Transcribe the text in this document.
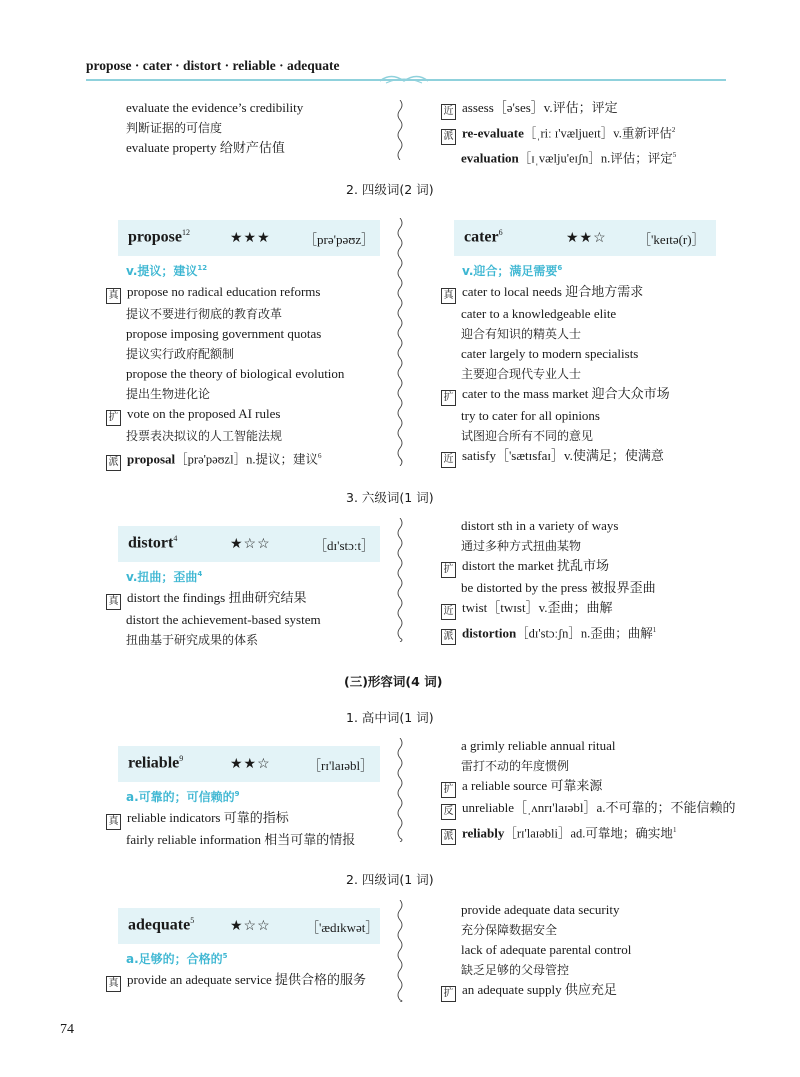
propose · cater · distort · reliable · adequate
evaluate the evidence’s credibility
判断证据的可信度
evaluate property 给财产估值
近 assess［ə'ses］v.评估；评定
派 re-evaluate［ˌriː ɪ'væljueɪt］v.重新评估$^2$
evaluation［ɪˌvælju'eɪʃn］n.评估；评定$^5$
2. 四级词(2 词)
3. 六级词(1 词)
(三)形容词(4 词)
1. 高中词(1 词)
2. 四级词(1 词)
propose$^{12}$	★★★	［prə'pəʊz］
v.提议；建议$^{12}$
真 propose no radical education reforms
提议不要进行彻底的教育改革
propose imposing government quotas
提议实行政府配额制
propose the theory of biological evolution
提出生物进化论
扩 vote on the proposed AI rules
投票表决拟议的人工智能法规
派 proposal［prə'pəʊzl］n.提议；建议$^6$
cater$^6$	★★☆ ［'keɪtə(r)］
v.迎合；满足需要$^6$
真 cater to local needs 迎合地方需求
cater to a knowledgeable elite
迎合有知识的精英人士
cater largely to modern specialists
主要迎合现代专业人士
扩 cater to the mass market 迎合大众市场
try to cater for all opinions
试图迎合所有不同的意见
近 satisfy［'sætɪsfaɪ］v.使满足；使满意
distort$^4$	★☆☆	［dɪ'stɔːt］
v.扭曲；歪曲$^4$
真 distort the findings 扭曲研究结果
distort the achievement-based system
扭曲基于研究成果的体系
distort sth in a variety of ways
通过多种方式扭曲某物
扩 distort the market 扰乱市场
be distorted by the press 被报界歪曲
近 twist［twɪst］v.歪曲；曲解
派 distortion［dɪ'stɔːʃn］n.歪曲；曲解$^1$
reliable$^9$	★★☆	［rɪ'laɪəbl］
a.可靠的；可信赖的$^9$
真 reliable indicators 可靠的指标
fairly reliable information 相当可靠的情报
a grimly reliable annual ritual
雷打不动的年度惯例
扩 a reliable source 可靠来源
反 unreliable［ˌʌnrɪ'laɪəbl］a.不可靠的；不能信赖的
派 reliably［rɪ'laɪəbli］ad.可靠地；确实地$^1$
adequate$^5$	★☆☆	［'ædɪkwət］
a.足够的；合格的$^5$
真 provide an adequate service 提供合格的服务
provide adequate data security
充分保障数据安全
lack of adequate parental control
缺乏足够的父母管控
扩 an adequate supply 供应充足
74
